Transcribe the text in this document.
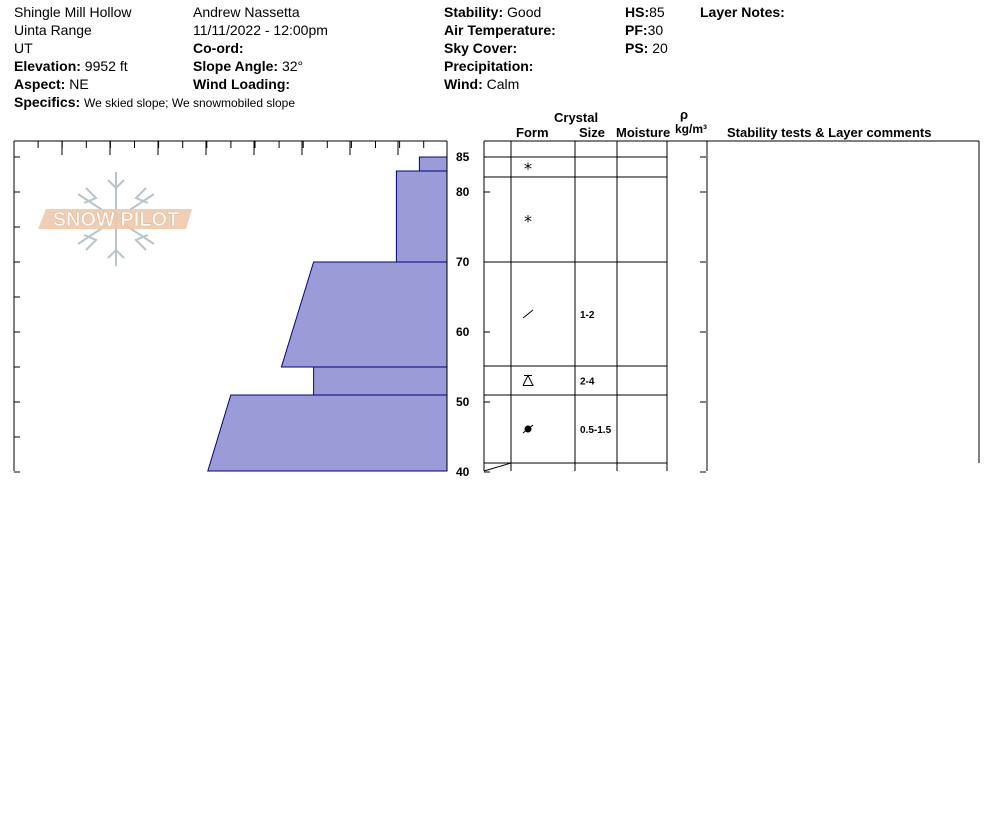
Shingle Mill Hollow
Uinta Range
UT
Elevation: 9952 ft
Aspect: NE
Specifics: We skied slope; We snowmobiled slope
Andrew Nassetta
11/11/2022 - 12:00pm
Co-ord:
Slope Angle: 32°
Wind Loading:
Stability: Good
Air Temperature:
Sky Cover:
Precipitation:
Wind: Calm
HS:85
PF:30
PS: 20
Layer Notes:
Crystal
Form Size Moisture
ρ
kg/m³ Stability tests & Layer comments
SNOW PILOT
85
80
70
60
50
40
*
*
1-2
2-4
0.5-1.5
